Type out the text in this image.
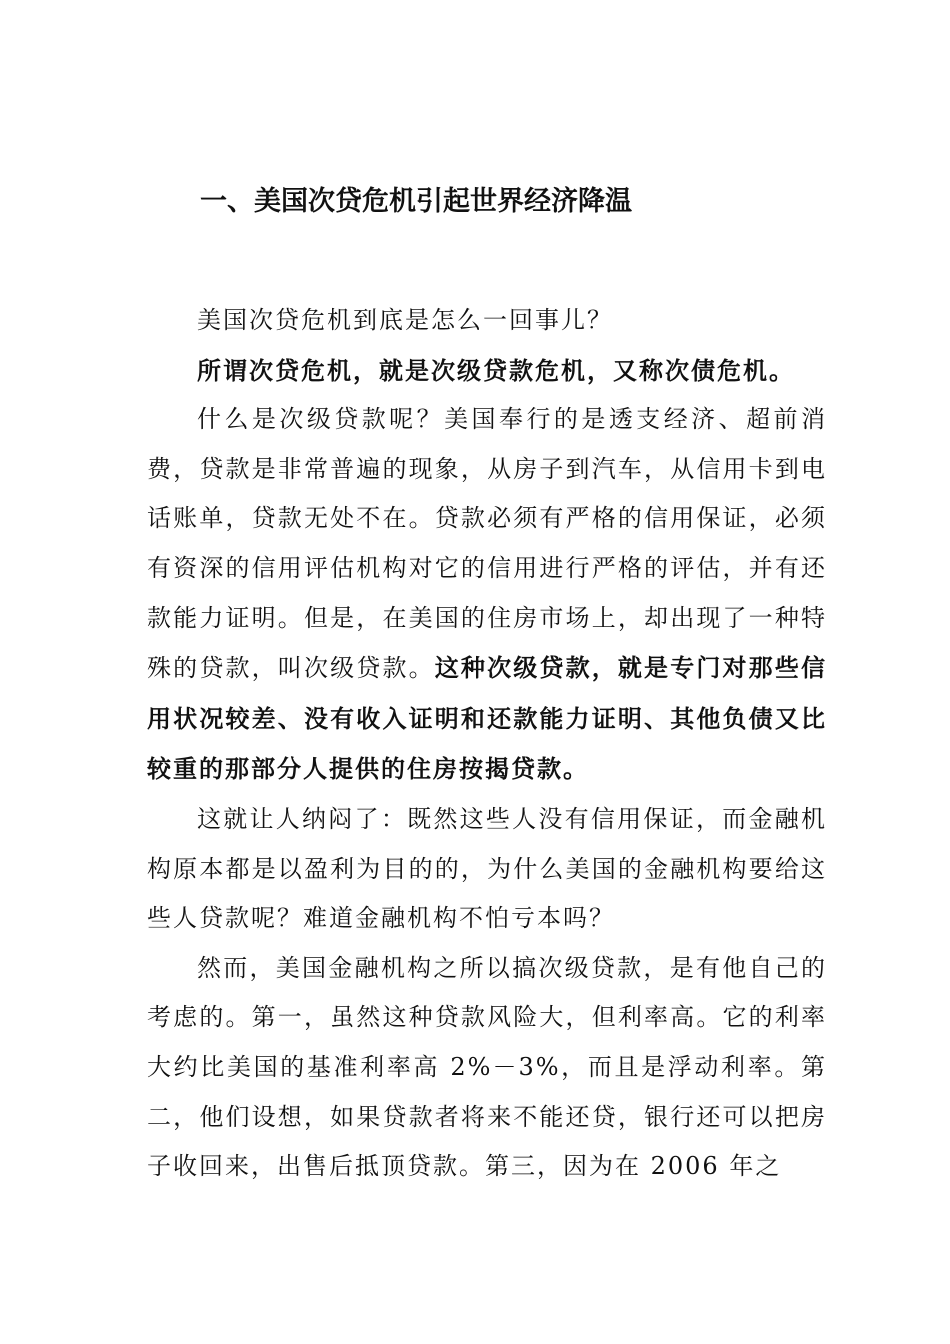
一、美国次贷危机引起世界经济降温

美国次贷危机到底是怎么一回事儿？

所谓次贷危机，就是次级贷款危机，又称次债危机。

什么是次级贷款呢？美国奉行的是透支经济、超前消费，贷款是非常普遍的现象，从房子到汽车，从信用卡到电话账单，贷款无处不在。贷款必须有严格的信用保证，必须有资深的信用评估机构对它的信用进行严格的评估，并有还款能力证明。但是，在美国的住房市场上，却出现了一种特殊的贷款，叫次级贷款。这种次级贷款，就是专门对那些信用状况较差、没有收入证明和还款能力证明、其他负债又比较重的那部分人提供的住房按揭贷款。

这就让人纳闷了：既然这些人没有信用保证，而金融机构原本都是以盈利为目的的，为什么美国的金融机构要给这些人贷款呢？难道金融机构不怕亏本吗？

然而，美国金融机构之所以搞次级贷款，是有他自己的考虑的。第一，虽然这种贷款风险大，但利率高。它的利率大约比美国的基准利率高 2%－3%，而且是浮动利率。第二，他们设想，如果贷款者将来不能还贷，银行还可以把房子收回来，出售后抵顶贷款。第三，因为在 2006 年之
